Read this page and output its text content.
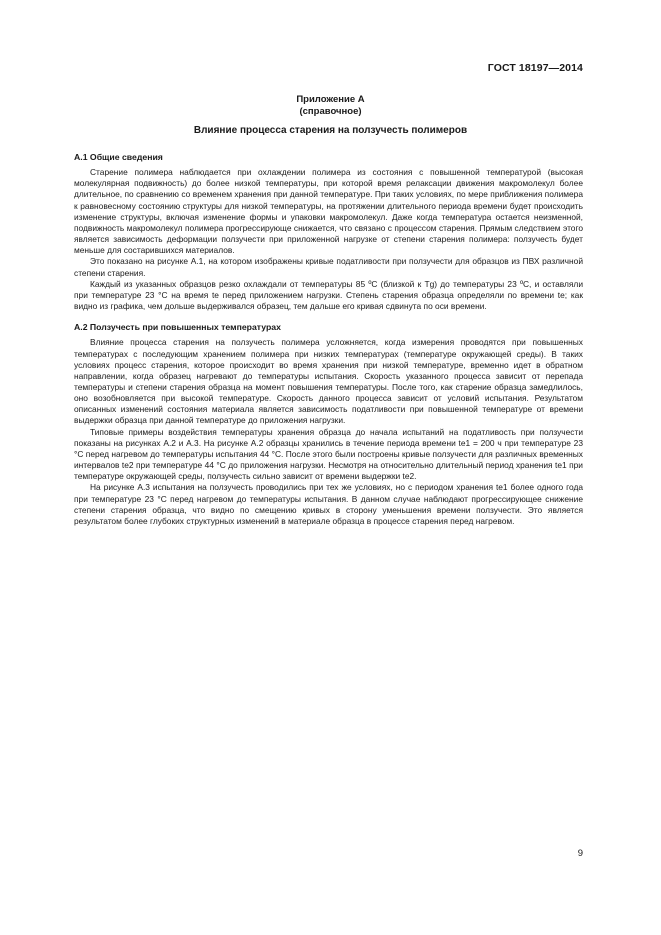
ГОСТ 18197—2014
Приложение А
(справочное)
Влияние процесса старения на ползучесть полимеров
А.1 Общие сведения

Старение полимера наблюдается при охлаждении полимера из состояния с повышенной температурой (высокая молекулярная подвижность) до более низкой температуры, при которой время релаксации движения макромолекул более длительное, по сравнению со временем хранения при данной температуре. При таких условиях, по мере приближения полимера к равновесному состоянию структуры для низкой температуры, на протяжении длительного периода времени будет происходить изменение структуры, включая изменение формы и упаковки макромолекул. Даже когда температура остается неизменной, подвижность макромолекул полимера прогрессирующе снижается, что связано с процессом старения. Прямым следствием этого является зависимость деформации ползучести при приложенной нагрузке от степени старения полимера: ползучесть будет меньше для состарившихся материалов.

Это показано на рисунке А.1, на котором изображены кривые податливости при ползучести для образцов из ПВХ различной степени старения.

Каждый из указанных образцов резко охлаждали от температуры 85 ºС (близкой к Tg) до температуры 23 ºС, и оставляли при температуре 23 °С на время te перед приложением нагрузки. Степень старения образца определяли по времени te; как видно из графика, чем дольше выдерживался образец, тем дальше его кривая сдвинута по оси времени.

А.2 Ползучесть при повышенных температурах

Влияние процесса старения на ползучесть полимера усложняется, когда измерения проводятся при повышенных температурах с последующим хранением полимера при низких температурах (температуре окружающей среды). В таких условиях процесс старения, которое происходит во время хранения при низкой температуре, временно идет в обратном направлении, когда образец нагревают до температуры испытания. Скорость указанного процесса зависит от перепада температуры и степени старения образца на момент повышения температуры. После того, как старение образца замедлилось, оно возобновляется при высокой температуре. Скорость данного процесса зависит от условий испытания. Результатом описанных изменений состояния материала является зависимость податливости при повышенной температуре от времени выдержки образца при данной температуре до приложения нагрузки.

Типовые примеры воздействия температуры хранения образца до начала испытаний на податливость при ползучести показаны на рисунках А.2 и А.3. На рисунке А.2 образцы хранились в течение периода времени te1 = 200 ч при температуре 23 °С перед нагревом до температуры испытания 44 °С. После этого были построены кривые ползучести для различных временных интервалов te2 при температуре 44 °С до приложения нагрузки. Несмотря на относительно длительный период хранения te1 при температуре окружающей среды, ползучесть сильно зависит от времени выдержки te2.

На рисунке А.3 испытания на ползучесть проводились при тех же условиях, но с периодом хранения te1 более одного года при температуре 23 °С перед нагревом до температуры испытания. В данном случае наблюдают прогрессирующее снижение степени старения образца, что видно по смещению кривых в сторону уменьшения времени ползучести. Это является результатом более глубоких структурных изменений в материале образца в процессе старения перед нагревом.

9
